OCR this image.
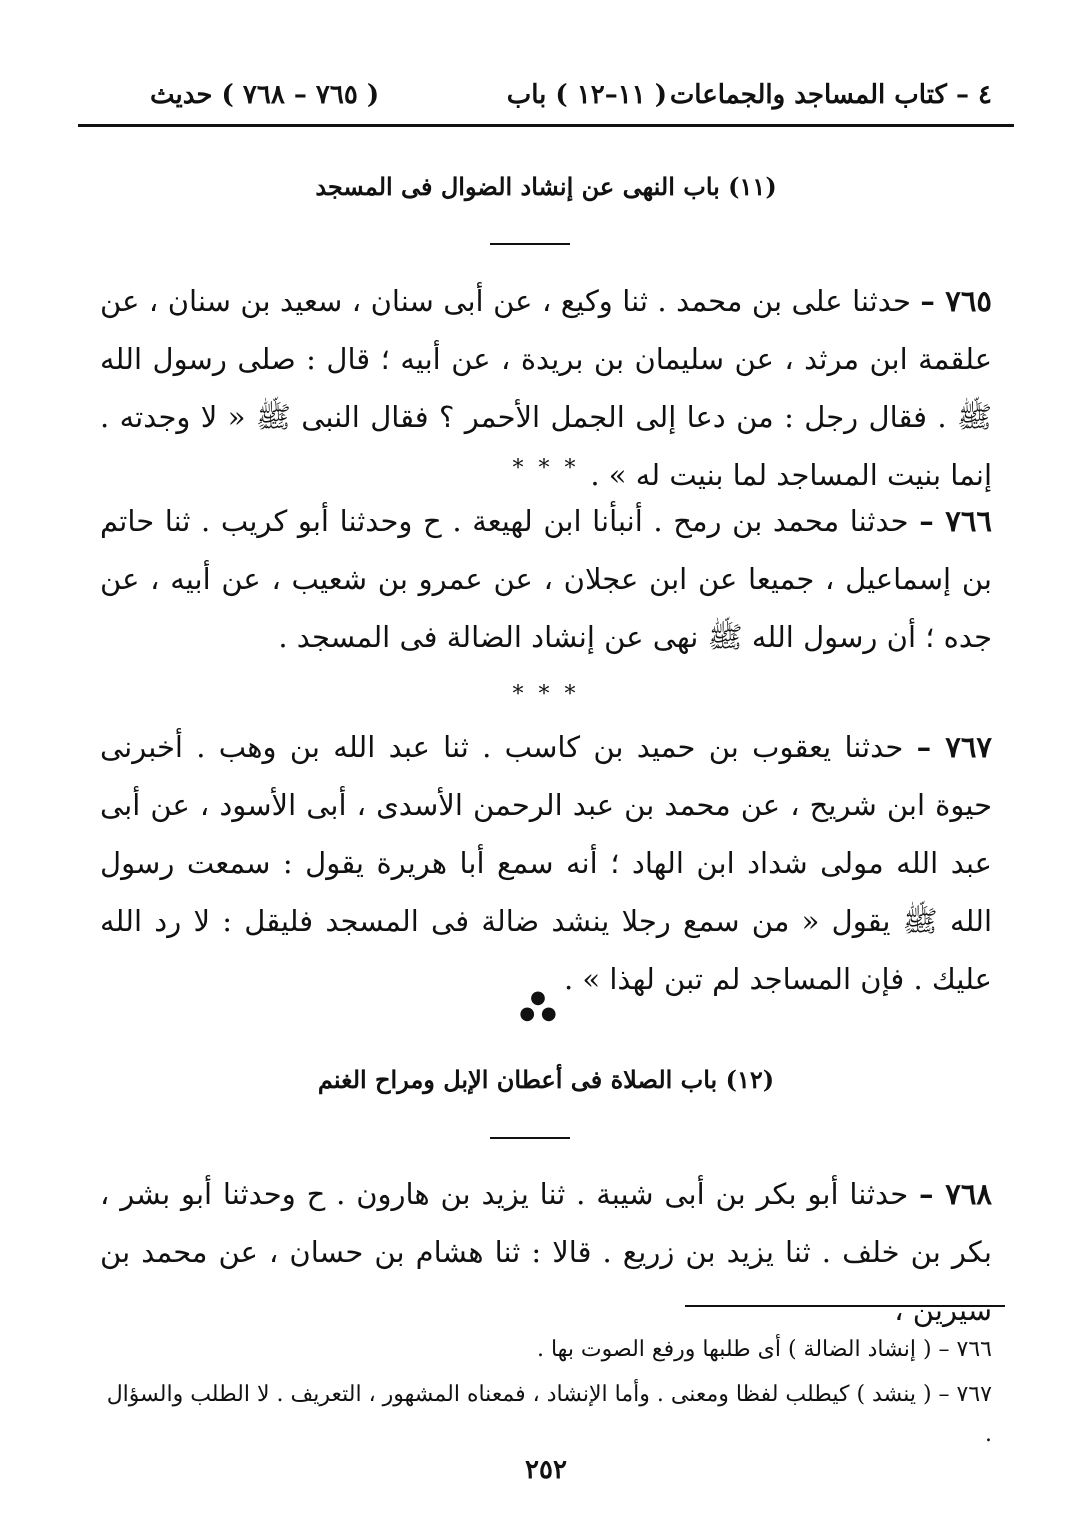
٤ – كتاب المساجد والجماعات
( ١١–١٢ ) باب
( ٧٦٥ – ٧٦٨ ) حديث
(١١) باب النهى عن إنشاد الضوال فى المسجد
٧٦٥ – حدثنا على بن محمد . ثنا وكيع ، عن أبى سنان ، سعيد بن سنان ، عن علقمة ابن مرثد ، عن سليمان بن بريدة ، عن أبيه ؛ قال : صلى رسول الله ﷺ . فقال رجل : من دعا إلى الجمل الأحمر ؟ فقال النبى ﷺ « لا وجدته . إنما بنيت المساجد لما بنيت له » .
* * *
٧٦٦ – حدثنا محمد بن رمح . أنبأنا ابن لهيعة . ح وحدثنا أبو كريب . ثنا حاتم بن إسماعيل ، جميعا عن ابن عجلان ، عن عمرو بن شعيب ، عن أبيه ، عن جده ؛ أن رسول الله ﷺ نهى عن إنشاد الضالة فى المسجد .
* * *
٧٦٧ – حدثنا يعقوب بن حميد بن كاسب . ثنا عبد الله بن وهب . أخبرنى حيوة ابن شريح ، عن محمد بن عبد الرحمن الأسدى ، أبى الأسود ، عن أبى عبد الله مولى شداد ابن الهاد ؛ أنه سمع أبا هريرة يقول : سمعت رسول الله ﷺ يقول « من سمع رجلا ينشد ضالة فى المسجد فليقل : لا رد الله عليك . فإن المساجد لم تبن لهذا » .
●
● ●
(١٢) باب الصلاة فى أعطان الإبل ومراح الغنم
٧٦٨ – حدثنا أبو بكر بن أبى شيبة . ثنا يزيد بن هارون . ح وحدثنا أبو بشر ، بكر بن خلف . ثنا يزيد بن زريع . قالا : ثنا هشام بن حسان ، عن محمد بن سيرين ،
٧٦٦ – ( إنشاد الضالة ) أى طلبها ورفع الصوت بها .
٧٦٧ – ( ينشد ) كيطلب لفظا ومعنى . وأما الإنشاد ، فمعناه المشهور ، التعريف . لا الطلب والسؤال .
٢٥٢
